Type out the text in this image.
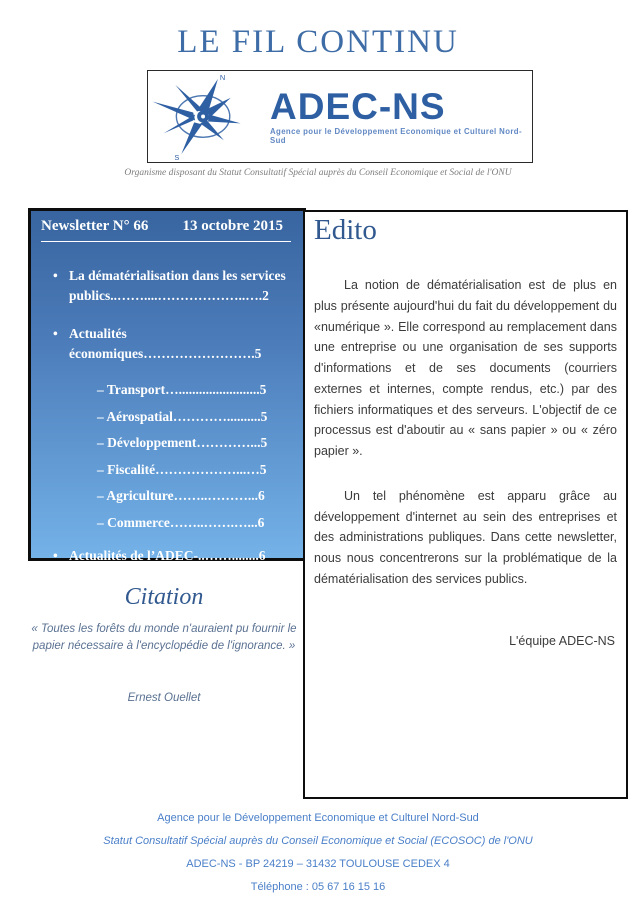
LE FIL CONTINU
N
S
ADEC-NS
Agence pour le Développement Economique et Culturel Nord-Sud
Organisme disposant du Statut Consultatif Spécial auprès du Conseil Economique et Social de l'ONU
Newsletter N° 66 13 octobre 2015
• La dématérialisation dans les services publics..……....………………..….2
• Actualités économiques…………………….5
– Transport…........................5
– Aérospatial…………..........5
– Développement…………...5
– Fiscalité………………...…5
– Agriculture……..………...6
– Commerce……..…….…...6
• Actualités de l’ADEC-..……........6
Edito

La notion de dématérialisation est de plus en plus présente aujourd'hui du fait du développement du «numérique ». Elle correspond au remplacement dans une entreprise ou une organisation de ses supports d'informations et de ses documents (courriers externes et internes, compte rendus, etc.) par des fichiers informatiques et des serveurs. L'objectif de ce processus est d'aboutir au « sans papier » ou « zéro papier ».

Un tel phénomène est apparu grâce au développement d'internet au sein des entreprises et des administrations publiques. Dans cette newsletter, nous nous concentrerons sur la problématique de la dématérialisation des services publics.

L'équipe ADEC-NS
Citation

« Toutes les forêts du monde n'auraient pu fournir le papier nécessaire à l'encyclopédie de l'ignorance. »

Ernest Ouellet
Agence pour le Développement Economique et Culturel Nord-Sud
Statut Consultatif Spécial auprès du Conseil Economique et Social (ECOSOC) de l'ONU
ADEC-NS - BP 24219 – 31432 TOULOUSE CEDEX 4
Téléphone : 05 67 16 15 16
